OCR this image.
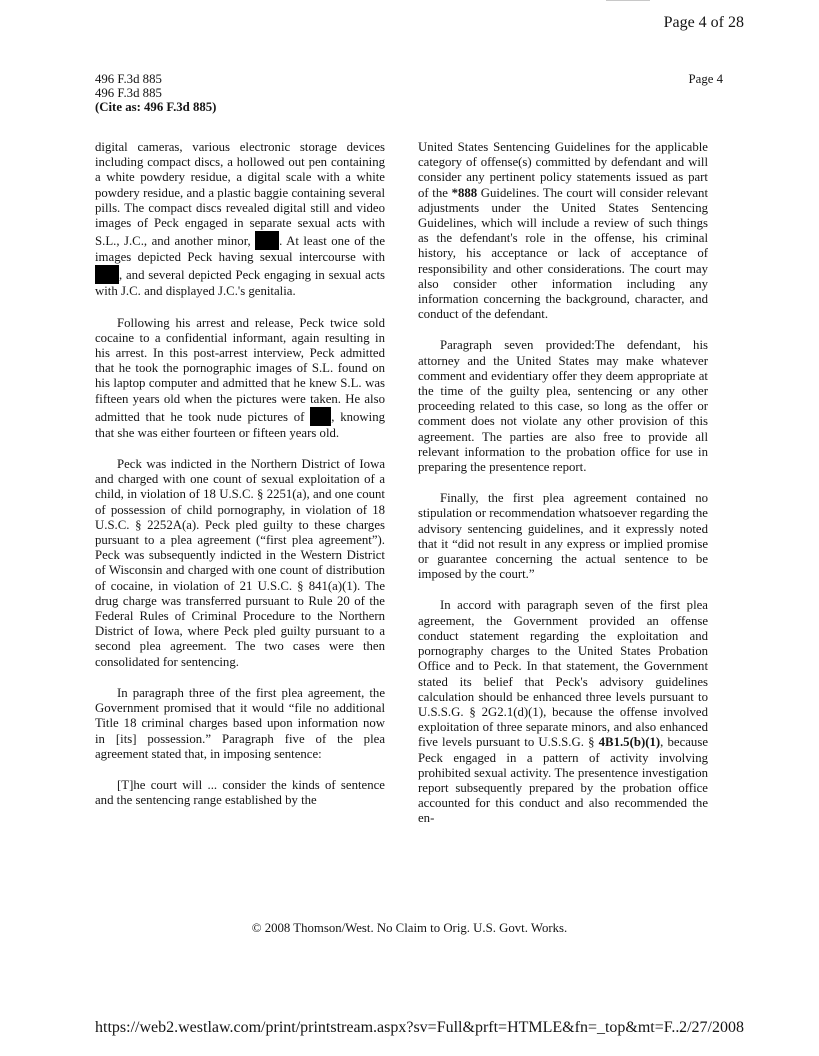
Page 4 of 28
496 F.3d 885
496 F.3d 885
(Cite as: 496 F.3d 885)
Page 4

digital cameras, various electronic storage devices including compact discs, a hollowed out pen containing a white powdery residue, a digital scale with a white powdery residue, and a plastic baggie containing several pills. The compact discs revealed digital still and video images of Peck engaged in separate sexual acts with S.L., J.C., and another minor, . At least one of the images depicted Peck having sexual intercourse with , and several depicted Peck engaging in sexual acts with J.C. and displayed J.C.'s genitalia.

Following his arrest and release, Peck twice sold cocaine to a confidential informant, again resulting in his arrest. In this post-arrest interview, Peck admitted that he took the pornographic images of S.L. found on his laptop computer and admitted that he knew S.L. was fifteen years old when the pictures were taken. He also admitted that he took nude pictures of , knowing that she was either fourteen or fifteen years old.

Peck was indicted in the Northern District of Iowa and charged with one count of sexual exploitation of a child, in violation of 18 U.S.C. § 2251(a), and one count of possession of child pornography, in violation of 18 U.S.C. § 2252A(a). Peck pled guilty to these charges pursuant to a plea agreement (“first plea agreement”). Peck was subsequently indicted in the Western District of Wisconsin and charged with one count of distribution of cocaine, in violation of 21 U.S.C. § 841(a)(1). The drug charge was transferred pursuant to Rule 20 of the Federal Rules of Criminal Procedure to the Northern District of Iowa, where Peck pled guilty pursuant to a second plea agreement. The two cases were then consolidated for sentencing.

In paragraph three of the first plea agreement, the Government promised that it would “file no additional Title 18 criminal charges based upon information now in [its] possession.” Paragraph five of the plea agreement stated that, in imposing sentence:

[T]he court will ... consider the kinds of sentence and the sentencing range established by the

United States Sentencing Guidelines for the applicable category of offense(s) committed by defendant and will consider any pertinent policy statements issued as part of the *888 Guidelines. The court will consider relevant adjustments under the United States Sentencing Guidelines, which will include a review of such things as the defendant's role in the offense, his criminal history, his acceptance or lack of acceptance of responsibility and other considerations. The court may also consider other information including any information concerning the background, character, and conduct of the defendant.

Paragraph seven provided:The defendant, his attorney and the United States may make whatever comment and evidentiary offer they deem appropriate at the time of the guilty plea, sentencing or any other proceeding related to this case, so long as the offer or comment does not violate any other provision of this agreement. The parties are also free to provide all relevant information to the probation office for use in preparing the presentence report.

Finally, the first plea agreement contained no stipulation or recommendation whatsoever regarding the advisory sentencing guidelines, and it expressly noted that it “did not result in any express or implied promise or guarantee concerning the actual sentence to be imposed by the court.”

In accord with paragraph seven of the first plea agreement, the Government provided an offense conduct statement regarding the exploitation and pornography charges to the United States Probation Office and to Peck. In that statement, the Government stated its belief that Peck's advisory guidelines calculation should be enhanced three levels pursuant to U.S.S.G. § 2G2.1(d)(1), because the offense involved exploitation of three separate minors, and also enhanced five levels pursuant to U.S.S.G. § 4B1.5(b)(1), because Peck engaged in a pattern of activity involving prohibited sexual activity. The presentence investigation report subsequently prepared by the probation office accounted for this conduct and also recommended the en-

© 2008 Thomson/West. No Claim to Orig. U.S. Govt. Works.
https://web2.westlaw.com/print/printstream.aspx?sv=Full&prft=HTMLE&fn=_top&mt=F...
2/27/2008
